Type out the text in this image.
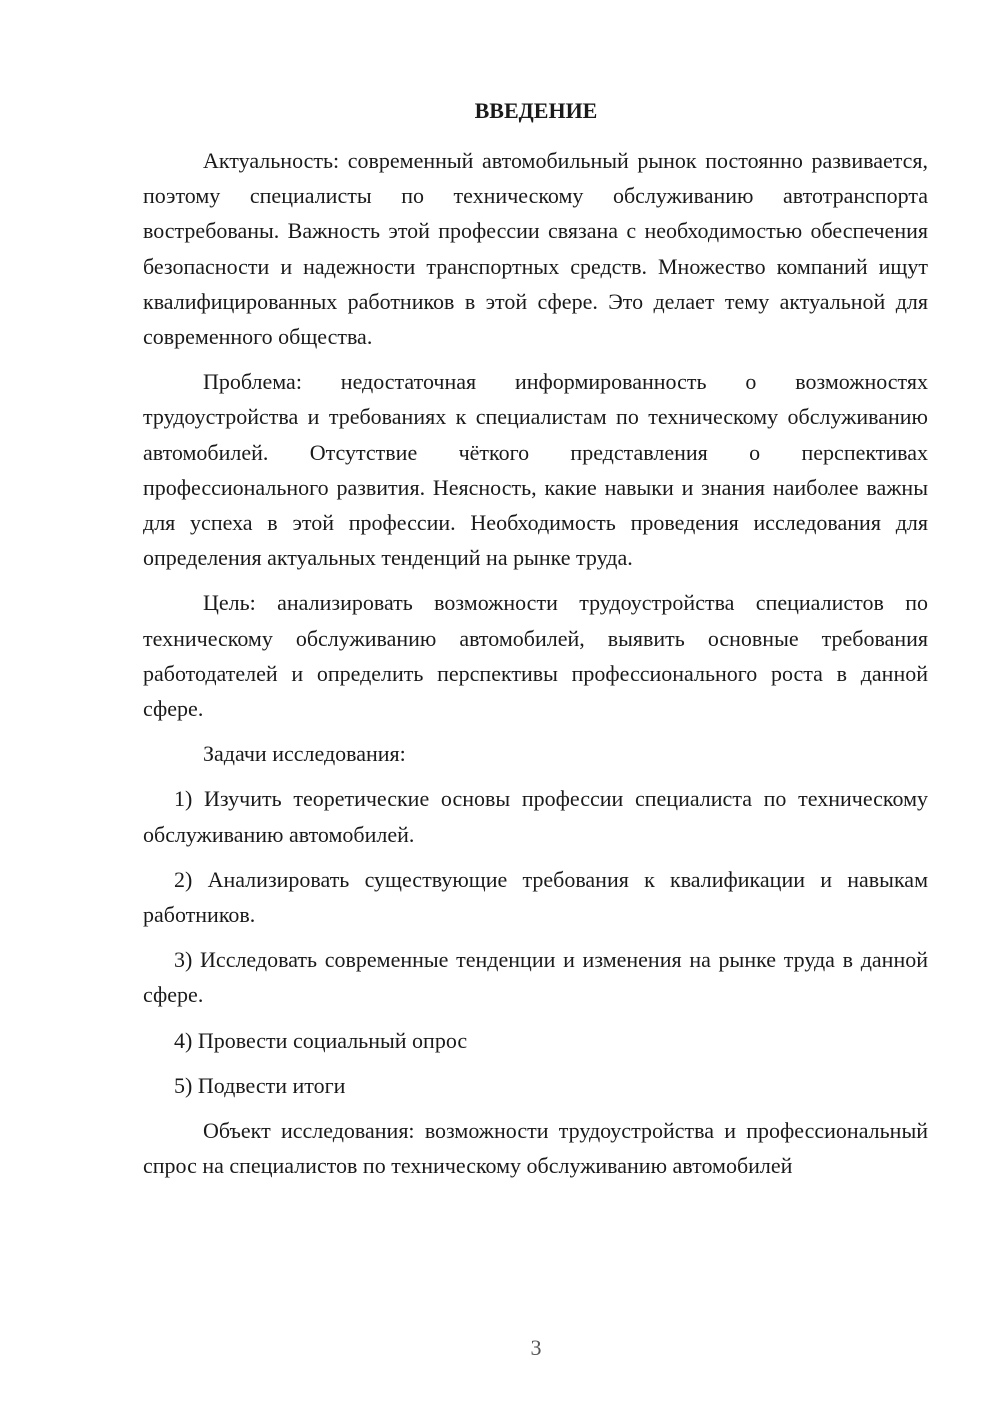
ВВЕДЕНИЕ

Актуальность: современный автомобильный рынок постоянно развивается, поэтому специалисты по техническому обслуживанию автотранспорта востребованы. Важность этой профессии связана с необходимостью обеспечения безопасности и надежности транспортных средств. Множество компаний ищут квалифицированных работников в этой сфере. Это делает тему актуальной для современного общества.

Проблема: недостаточная информированность о возможностях трудоустройства и требованиях к специалистам по техническому обслуживанию автомобилей. Отсутствие чёткого представления о перспективах профессионального развития. Неясность, какие навыки и знания наиболее важны для успеха в этой профессии. Необходимость проведения исследования для определения актуальных тенденций на рынке труда.

Цель: анализировать возможности трудоустройства специалистов по техническому обслуживанию автомобилей, выявить основные требования работодателей и определить перспективы профессионального роста в данной сфере.

Задачи исследования:

1) Изучить теоретические основы профессии специалиста по техническому обслуживанию автомобилей.

2) Анализировать существующие требования к квалификации и навыкам работников.

3) Исследовать современные тенденции и изменения на рынке труда в данной сфере.

4) Провести социальный опрос

5) Подвести итоги

Объект исследования: возможности трудоустройства и профессиональный спрос на специалистов по техническому обслуживанию автомобилей

3
